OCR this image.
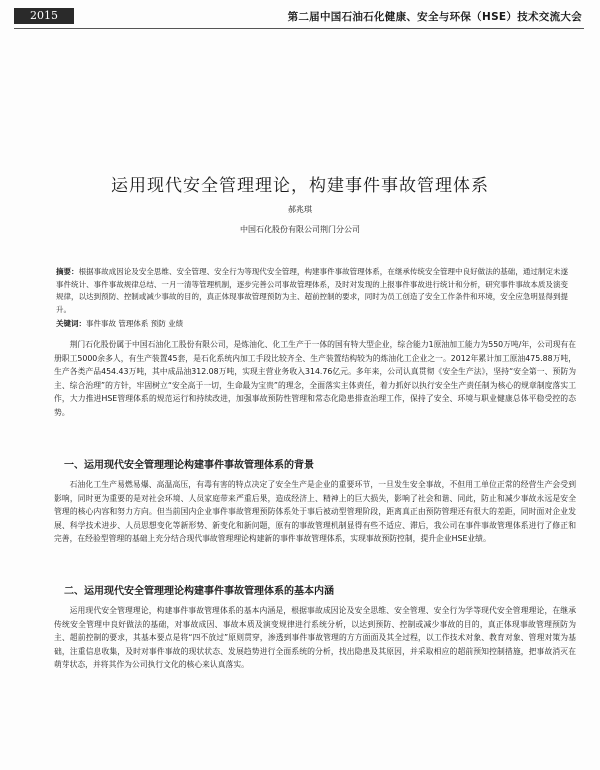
2015	第二届中国石油石化健康、安全与环保（HSE）技术交流大会
运用现代安全管理理论，构建事件事故管理体系
郝兆琪
中国石化股份有限公司荆门分公司
摘要：根据事故成因论及安全思维、安全管理、安全行为等现代安全管理，构建事件事故管理体系，在继承传统安全管理中良好做法的基础，通过制定未遂事件统计、事件事故规律总结、一月一清等管理机制，逐步完善公司事故管理体系，及时对发现的上报事件事故进行统计和分析，研究事件事故本质及演变规律，以达到预防、控制或减少事故的目的，真正体现事故管理预防为主、超前控制的要求，同时为员工创造了安全工作条件和环境，安全应急明显得到提升。
关键词：事件事故 管理体系 预防 业绩

荆门石化股份属于中国石油化工股份有限公司，是炼油化、化工生产于一体的国有特大型企业，综合能力1原油加工能力为550万吨/年，公司现有在册职工5000余多人，有生产装置45套，是石化系统内加工手段比较齐全、生产装置结构较为的炼油化工企业之一。2012年累计加工原油475.88万吨，生产各类产品454.43万吨，其中成品油312.08万吨，实现主营业务收入314.76亿元。多年来，公司认真贯彻《安全生产法》，坚持“安全第一、预防为主、综合治理”的方针，牢固树立“安全高于一切，生命最为宝贵”的理念，全面落实主体责任，着力抓好以执行安全生产责任制为核心的规章制度落实工作，大力推进HSE管理体系的规范运行和持续改进，加强事故预防性管理和常态化隐患排查治理工作，保持了安全、环境与职业健康总体平稳受控的态势。

一、运用现代安全管理理论构建事件事故管理体系的背景

石油化工生产易燃易爆、高温高压，有毒有害的特点决定了安全生产是企业的重要环节，一旦发生安全事故，不但用工单位正常的经营生产会受到影响，同时更为重要的是对社会环境、人员家庭带来严重后果，造成经济上、精神上的巨大损失，影响了社会和谐、同此，防止和减少事故永远是安全管理的核心内容和努力方向。但当前国内企业事件事故管理预防体系处于事后被动型管理阶段，距离真正由预防管理还有很大的差距，同时面对企业发展、科学技术进步、人员思想变化等新形势、新变化和新问题，原有的事故管理机制显得有些不适应、滞后，我公司在事件事故管理体系进行了修正和完善，在经验型管理的基础上充分结合现代事故管理理论构建新的事件事故管理体系，实现事故预防控制，提升企业HSE业绩。

二、运用现代安全管理理论构建事件事故管理体系的基本内涵

运用现代安全管理理论，构建事件事故管理体系的基本内涵是，根据事故成因论及安全思维、安全管理、安全行为学等现代安全管理理论，在继承传统安全管理中良好做法的基础，对事故成因、事故本质及演变规律进行系统分析，以达到预防、控制或减少事故的目的，真正体现事故管理预防为主、超前控制的要求，其基本要点是将“四不放过”原则贯穿，渗透到事件事故管理的方方面面及其全过程，以工作技术对象、教育对象、管理对策为基础，注重信息收集，及时对事件事故的现状状态、发展趋势进行全面系统的分析，找出隐患及其原因，并采取相应的超前预知控制措施，把事故消灭在萌芽状态，并将其作为公司执行文化的核心来认真落实。
